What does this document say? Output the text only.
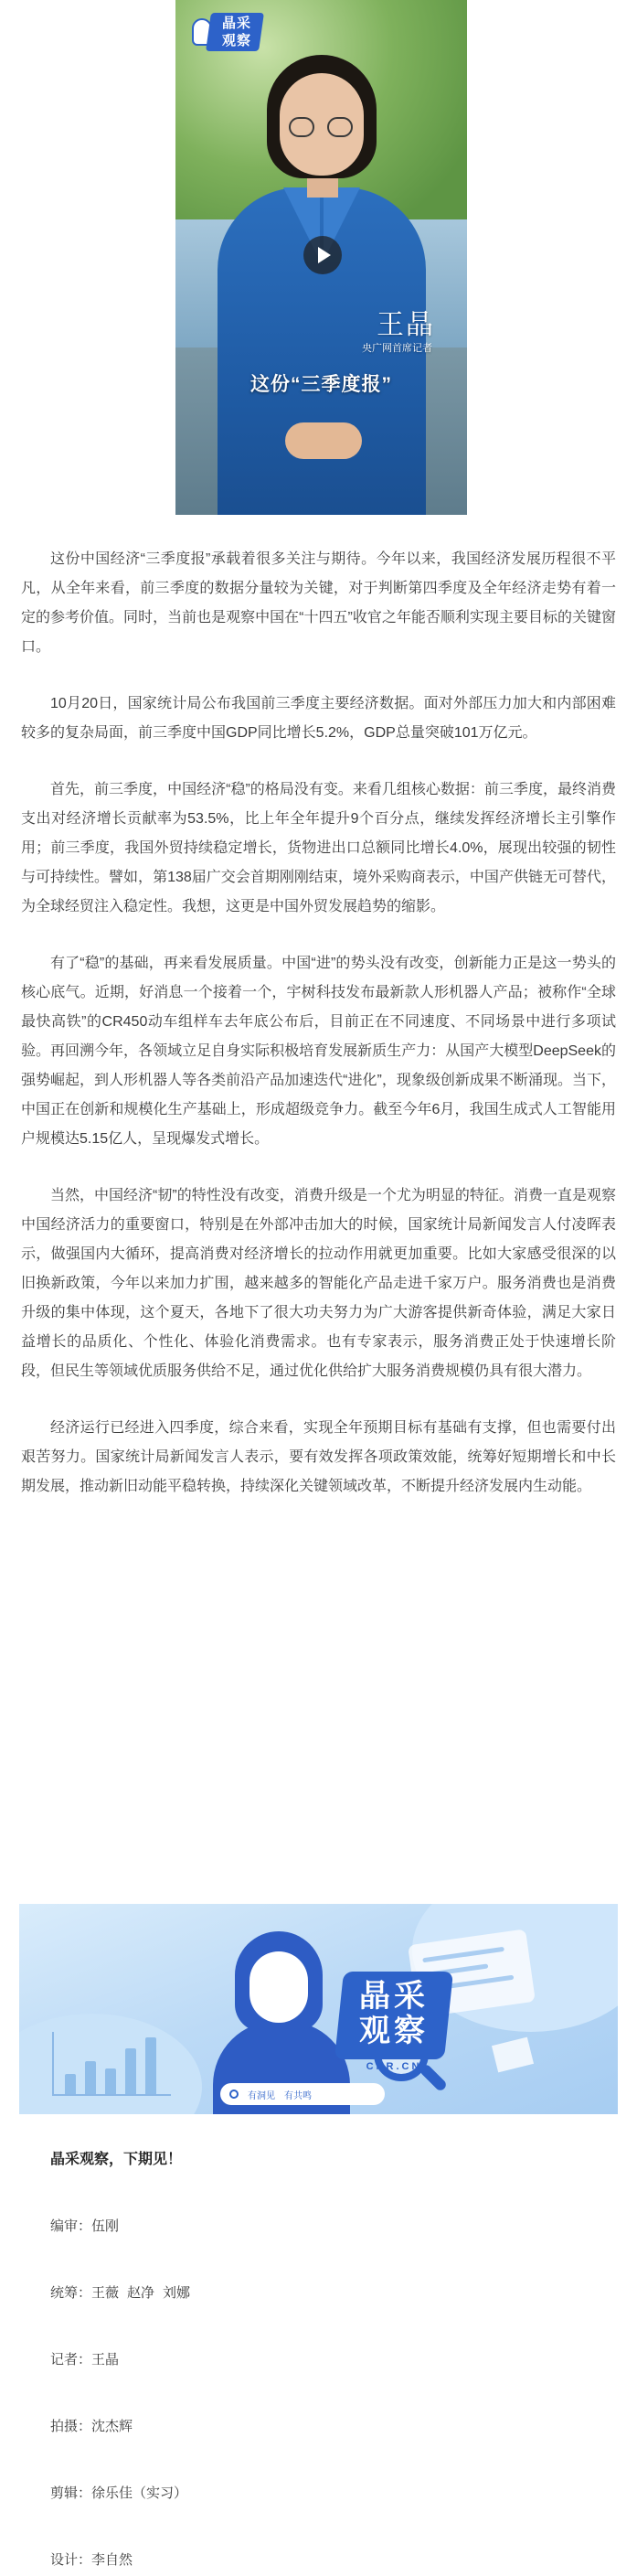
晶采
观察
王晶
央广网首席记者
这份“三季度报”

这份中国经济“三季度报”承载着很多关注与期待。今年以来，我国经济发展历程很不平凡，从全年来看，前三季度的数据分量较为关键，对于判断第四季度及全年经济走势有着一定的参考价值。同时，当前也是观察中国在“十四五”收官之年能否顺利实现主要目标的关键窗口。

10月20日，国家统计局公布我国前三季度主要经济数据。面对外部压力加大和内部困难较多的复杂局面，前三季度中国GDP同比增长5.2%，GDP总量突破101万亿元。

首先，前三季度，中国经济“稳”的格局没有变。来看几组核心数据：前三季度，最终消费支出对经济增长贡献率为53.5%，比上年全年提升9个百分点，继续发挥经济增长主引擎作用；前三季度，我国外贸持续稳定增长，货物进出口总额同比增长4.0%，展现出较强的韧性与可持续性。譬如，第138届广交会首期刚刚结束，境外采购商表示，中国产供链无可替代，为全球经贸注入稳定性。我想，这更是中国外贸发展趋势的缩影。

有了“稳”的基础，再来看发展质量。中国“进”的势头没有改变，创新能力正是这一势头的核心底气。近期，好消息一个接着一个，宇树科技发布最新款人形机器人产品；被称作“全球最快高铁”的CR450动车组样车去年底公布后，目前正在不同速度、不同场景中进行多项试验。再回溯今年，各领域立足自身实际积极培育发展新质生产力：从国产大模型DeepSeek的强势崛起，到人形机器人等各类前沿产品加速迭代“进化”，现象级创新成果不断涌现。当下，中国正在创新和规模化生产基础上，形成超级竞争力。截至今年6月，我国生成式人工智能用户规模达5.15亿人，呈现爆发式增长。

当然，中国经济“韧”的特性没有改变，消费升级是一个尤为明显的特征。消费一直是观察中国经济活力的重要窗口，特别是在外部冲击加大的时候，国家统计局新闻发言人付凌晖表示，做强国内大循环，提高消费对经济增长的拉动作用就更加重要。比如大家感受很深的以旧换新政策，今年以来加力扩围，越来越多的智能化产品走进千家万户。服务消费也是消费升级的集中体现，这个夏天，各地下了很大功夫努力为广大游客提供新奇体验，满足大家日益增长的品质化、个性化、体验化消费需求。也有专家表示，服务消费正处于快速增长阶段，但民生等领域优质服务供给不足，通过优化供给扩大服务消费规模仍具有很大潜力。

经济运行已经进入四季度，综合来看，实现全年预期目标有基础有支撑，但也需要付出艰苦努力。国家统计局新闻发言人表示，要有效发挥各项政策效能，统筹好短期增长和中长期发展，推动新旧动能平稳转换，持续深化关键领域改革，不断提升经济发展内生动能。

晶采
观察
CNR.CN
有洞见 有共鸣
晶采观察，下期见！
编审：伍刚
统筹：王薇 赵净 刘娜
记者：王晶
拍摄：沈杰辉
剪辑：徐乐佳（实习）
设计：李自然
